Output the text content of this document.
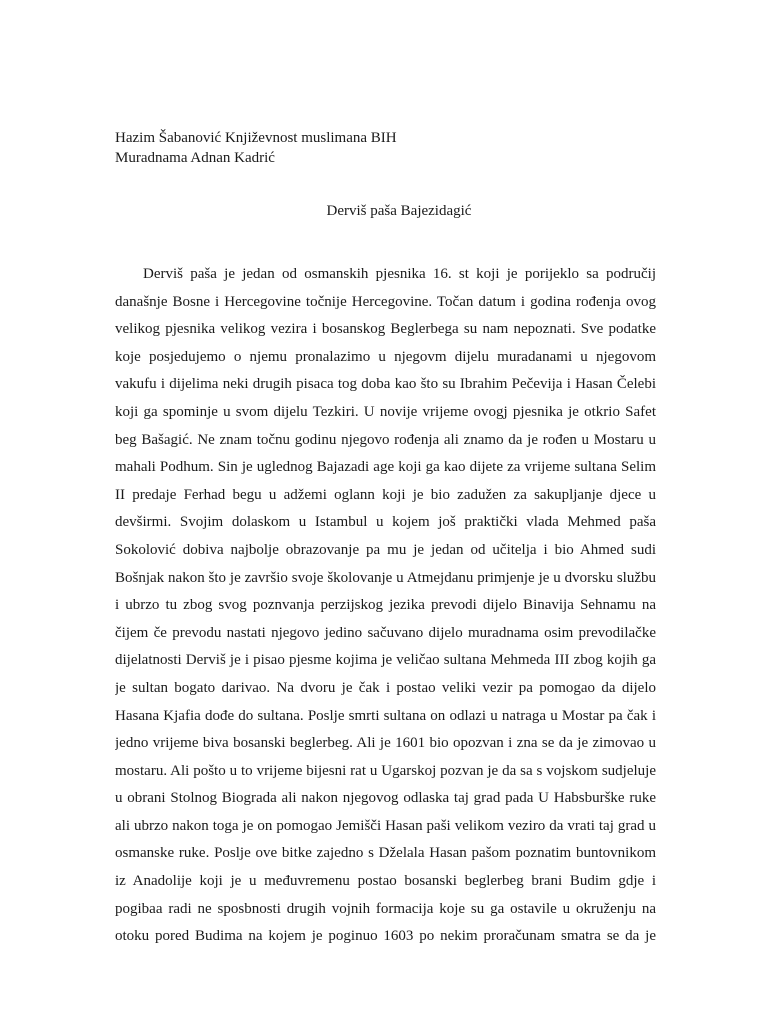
Hazim Šabanović Književnost muslimana BIH
Muradnama Adnan Kadrić
Derviš paša Bajezidagić
Derviš paša je jedan od osmanskih pjesnika 16. st koji je porijeklo sa područij
današnje Bosne i Hercegovine točnije Hercegovine. Točan datum i godina rođenja ovog
velikog pjesnika velikog vezira i bosanskog Beglerbega su nam nepoznati. Sve podatke
koje posjedujemo o njemu pronalazimo u njegovm dijelu muradanami u njegovom
vakufu i dijelima neki drugih pisaca tog doba kao što su Ibrahim Pečevija i Hasan Čelebi
koji ga spominje u svom dijelu Tezkiri. U novije vrijeme ovogj pjesnika je otkrio Safet
beg Bašagić. Ne znam točnu godinu njegovo rođenja ali znamo da je rođen u Mostaru u
mahali Podhum. Sin je uglednog Bajazadi age koji ga kao dijete za vrijeme sultana Selim
II predaje Ferhad begu u adžemi oglann koji je bio zadužen za sakupljanje djece u
devširmi. Svojim dolaskom u Istambul u kojem još praktički vlada Mehmed paša
Sokolović dobiva najbolje obrazovanje pa mu je jedan od učitelja i bio Ahmed sudi
Bošnjak nakon što je završio svoje školovanje u Atmejdanu primjenje je u dvorsku službu
i ubrzo tu zbog svog poznvanja perzijskog jezika prevodi dijelo Binavija Sehnamu na
čijem če prevodu nastati njegovo jedino sačuvano dijelo muradnama osim prevodilačke
dijelatnosti Derviš je i pisao pjesme kojima je veličao sultana Mehmeda III zbog kojih ga
je sultan bogato darivao. Na dvoru je čak i postao veliki vezir pa pomogao da dijelo
Hasana Kjafia dođe do sultana. Poslje smrti sultana on odlazi u natraga u Mostar pa čak i
jedno vrijeme biva bosanski beglerbeg. Ali je 1601 bio opozvan i zna se da je zimovao u
mostaru. Ali pošto u to vrijeme bijesni rat u Ugarskoj pozvan je da sa s vojskom sudjeluje
u obrani Stolnog Biograda ali nakon njegovog odlaska taj grad pada U Habsburške ruke
ali ubrzo nakon toga je on pomogao Jemišči Hasan paši velikom veziro da vrati taj grad u
osmanske ruke. Poslje ove bitke zajedno s Dželala Hasan pašom poznatim buntovnikom
iz Anadolije koji je u međuvremenu postao bosanski beglerbeg brani Budim gdje i
pogibaa radi ne sposbnosti drugih vojnih formacija koje su ga ostavile u okruženju na
otoku pored Budima na kojem je poginuo 1603 po nekim proračunam smatra se da je
